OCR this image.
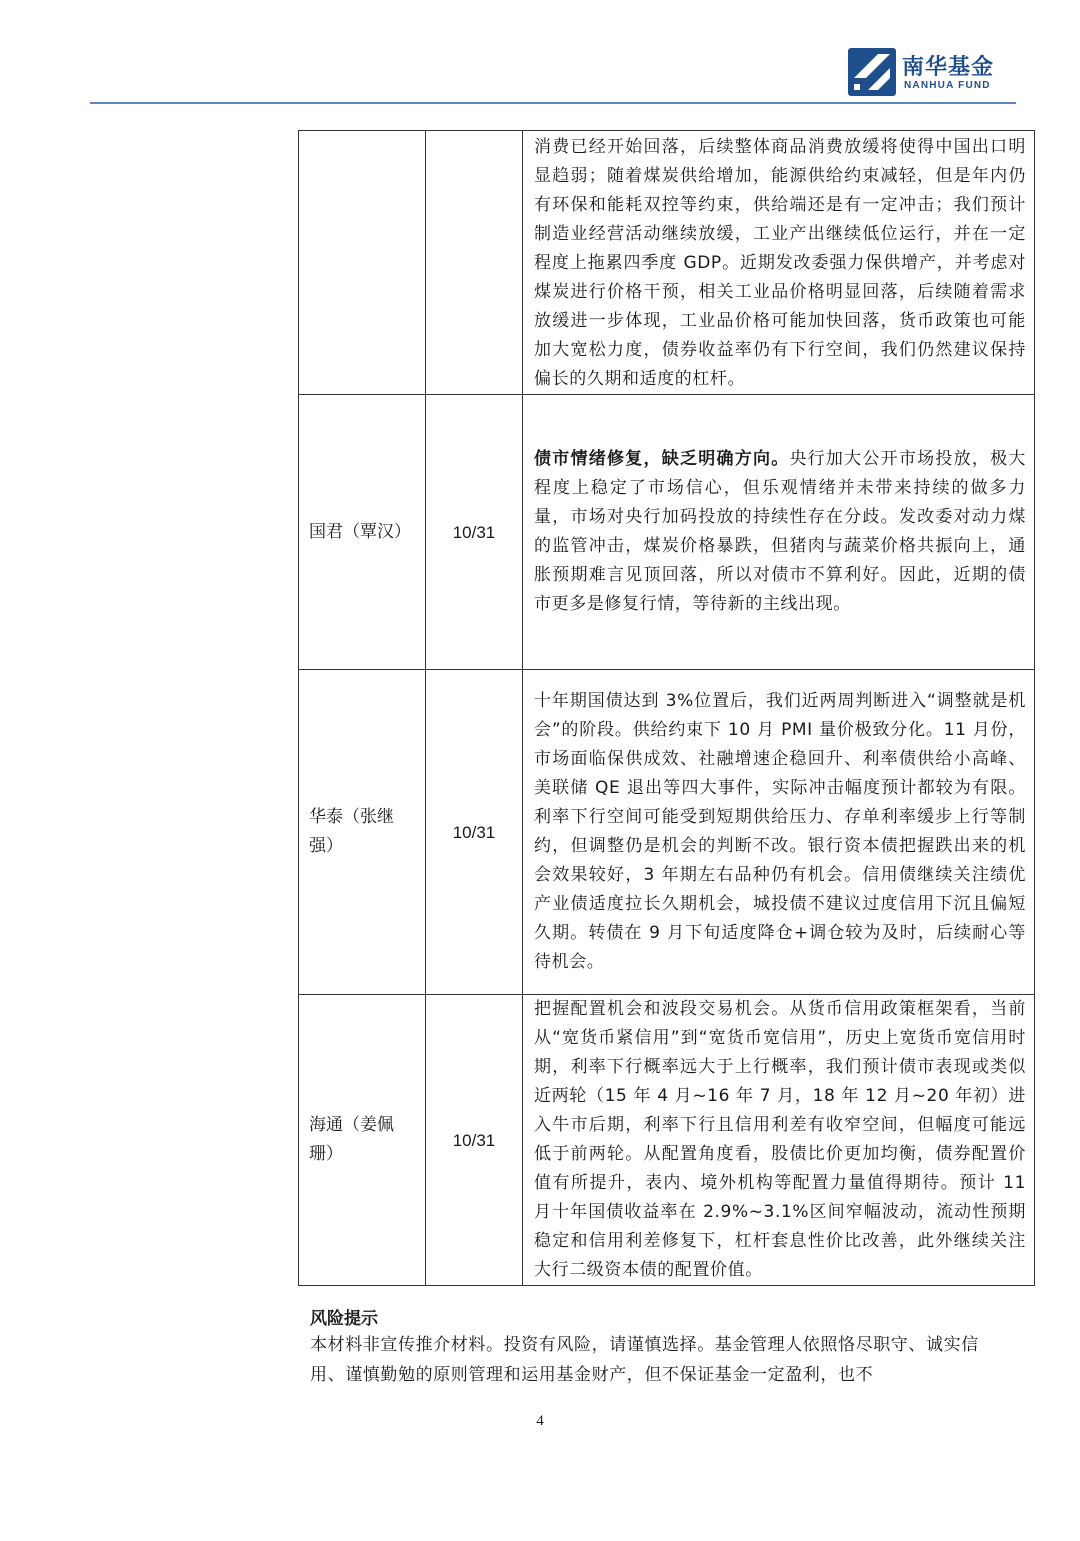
南华基金
NANHUA FUND
		消费已经开始回落，后续整体商品消费放缓将使得中国出口明显趋弱；随着煤炭供给增加，能源供给约束减轻，但是年内仍有环保和能耗双控等约束，供给端还是有一定冲击；我们预计制造业经营活动继续放缓，工业产出继续低位运行，并在一定程度上拖累四季度 GDP。近期发改委强力保供增产，并考虑对煤炭进行价格干预，相关工业品价格明显回落，后续随着需求放缓进一步体现，工业品价格可能加快回落，货币政策也可能加大宽松力度，债券收益率仍有下行空间，我们仍然建议保持偏长的久期和适度的杠杆。
国君（覃汉）	10/31	债市情绪修复，缺乏明确方向。央行加大公开市场投放，极大程度上稳定了市场信心，但乐观情绪并未带来持续的做多力量，市场对央行加码投放的持续性存在分歧。发改委对动力煤的监管冲击，煤炭价格暴跌，但猪肉与蔬菜价格共振向上，通胀预期难言见顶回落，所以对债市不算利好。因此，近期的债市更多是修复行情，等待新的主线出现。
华泰（张继强）	10/31	十年期国债达到 3%位置后，我们近两周判断进入“调整就是机会”的阶段。供给约束下 10 月 PMI 量价极致分化。11 月份，市场面临保供成效、社融增速企稳回升、利率债供给小高峰、美联储 QE 退出等四大事件，实际冲击幅度预计都较为有限。利率下行空间可能受到短期供给压力、存单利率缓步上行等制约，但调整仍是机会的判断不改。银行资本债把握跌出来的机会效果较好，3 年期左右品种仍有机会。信用债继续关注绩优产业债适度拉长久期机会，城投债不建议过度信用下沉且偏短久期。转债在 9 月下旬适度降仓+调仓较为及时，后续耐心等待机会。
海通（姜佩珊）	10/31	把握配置机会和波段交易机会。从货币信用政策框架看，当前从“宽货币紧信用”到“宽货币宽信用”，历史上宽货币宽信用时期，利率下行概率远大于上行概率，我们预计债市表现或类似近两轮（15 年 4 月~16 年 7 月，18 年 12 月~20 年初）进入牛市后期，利率下行且信用利差有收窄空间，但幅度可能远低于前两轮。从配置角度看，股债比价更加均衡，债券配置价值有所提升，表内、境外机构等配置力量值得期待。预计 11 月十年国债收益率在 2.9%~3.1%区间窄幅波动，流动性预期稳定和信用利差修复下，杠杆套息性价比改善，此外继续关注大行二级资本债的配置价值。
风险提示
本材料非宣传推介材料。投资有风险，请谨慎选择。基金管理人依照恪尽职守、诚实信用、谨慎勤勉的原则管理和运用基金财产，但不保证基金一定盈利，也不
4
